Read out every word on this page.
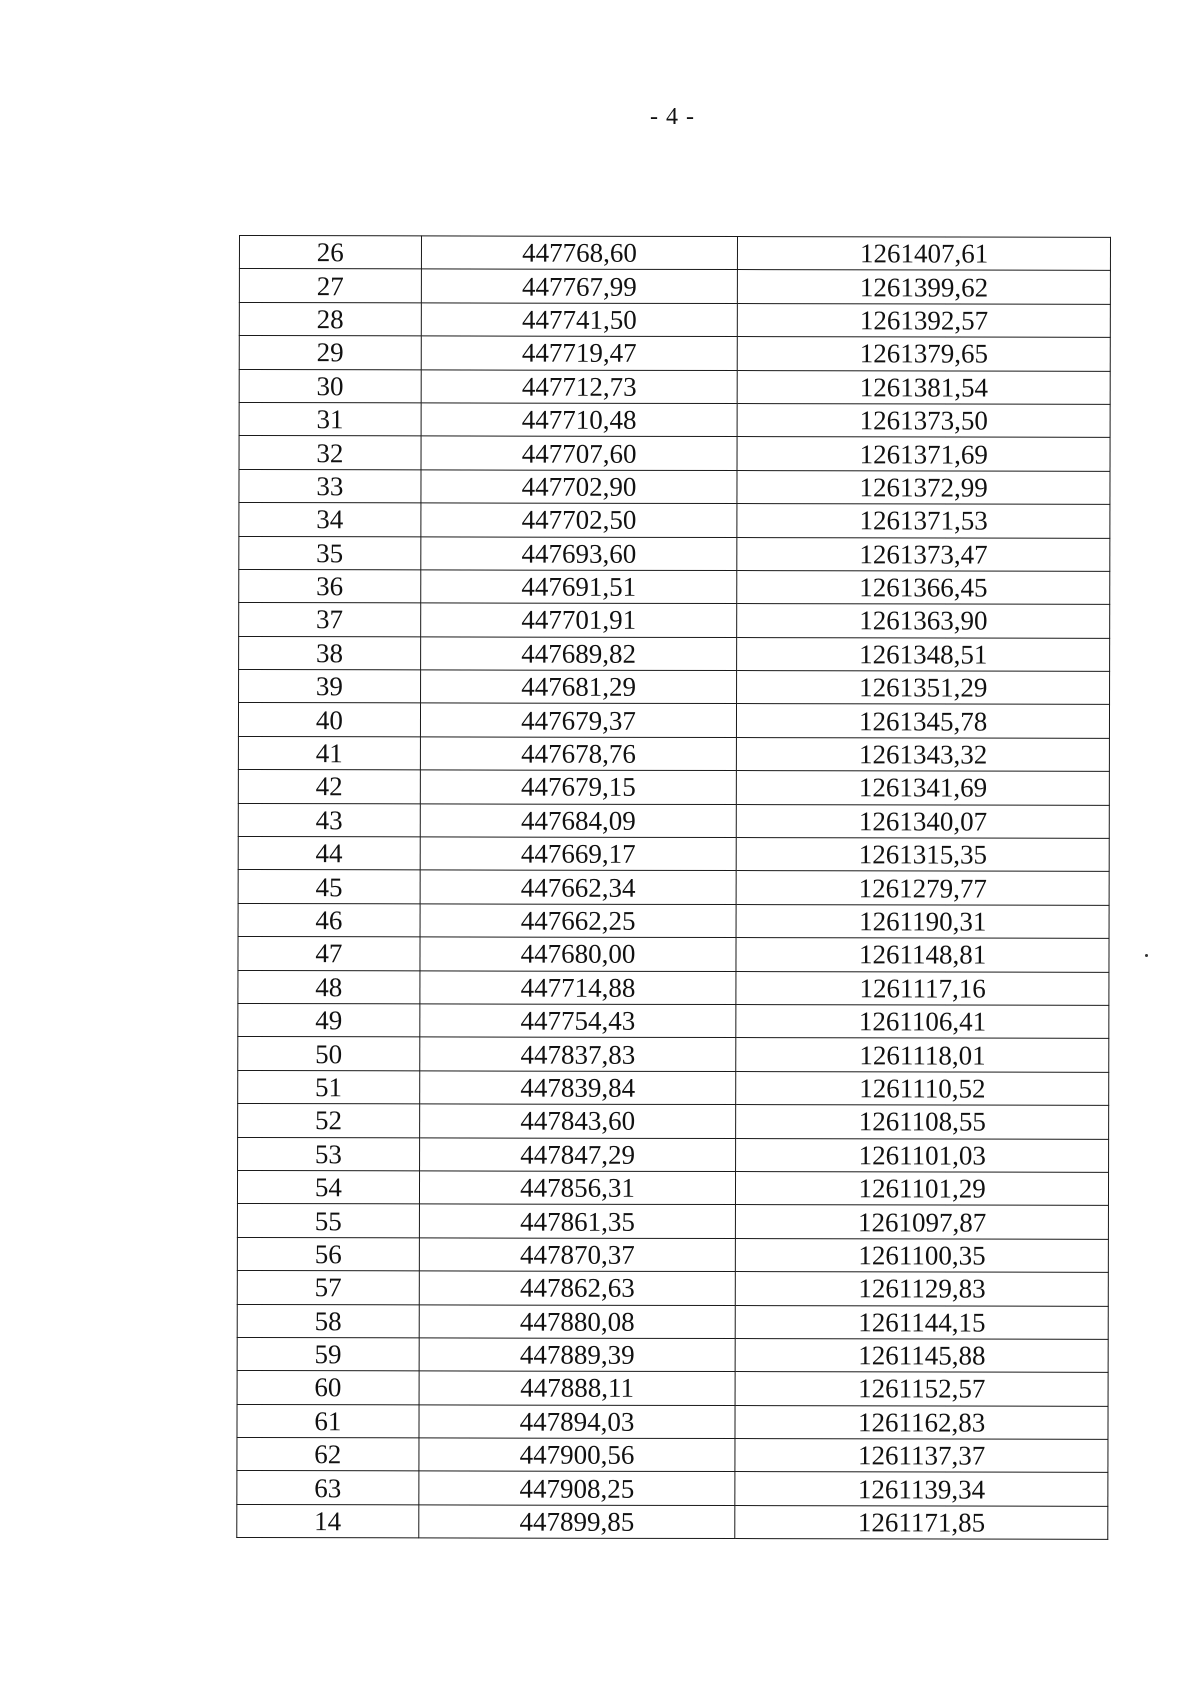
- 4 -
26	447768,60	1261407,61
27	447767,99	1261399,62
28	447741,50	1261392,57
29	447719,47	1261379,65
30	447712,73	1261381,54
31	447710,48	1261373,50
32	447707,60	1261371,69
33	447702,90	1261372,99
34	447702,50	1261371,53
35	447693,60	1261373,47
36	447691,51	1261366,45
37	447701,91	1261363,90
38	447689,82	1261348,51
39	447681,29	1261351,29
40	447679,37	1261345,78
41	447678,76	1261343,32
42	447679,15	1261341,69
43	447684,09	1261340,07
44	447669,17	1261315,35
45	447662,34	1261279,77
46	447662,25	1261190,31
47	447680,00	1261148,81
48	447714,88	1261117,16
49	447754,43	1261106,41
50	447837,83	1261118,01
51	447839,84	1261110,52
52	447843,60	1261108,55
53	447847,29	1261101,03
54	447856,31	1261101,29
55	447861,35	1261097,87
56	447870,37	1261100,35
57	447862,63	1261129,83
58	447880,08	1261144,15
59	447889,39	1261145,88
60	447888,11	1261152,57
61	447894,03	1261162,83
62	447900,56	1261137,37
63	447908,25	1261139,34
14	447899,85	1261171,85
